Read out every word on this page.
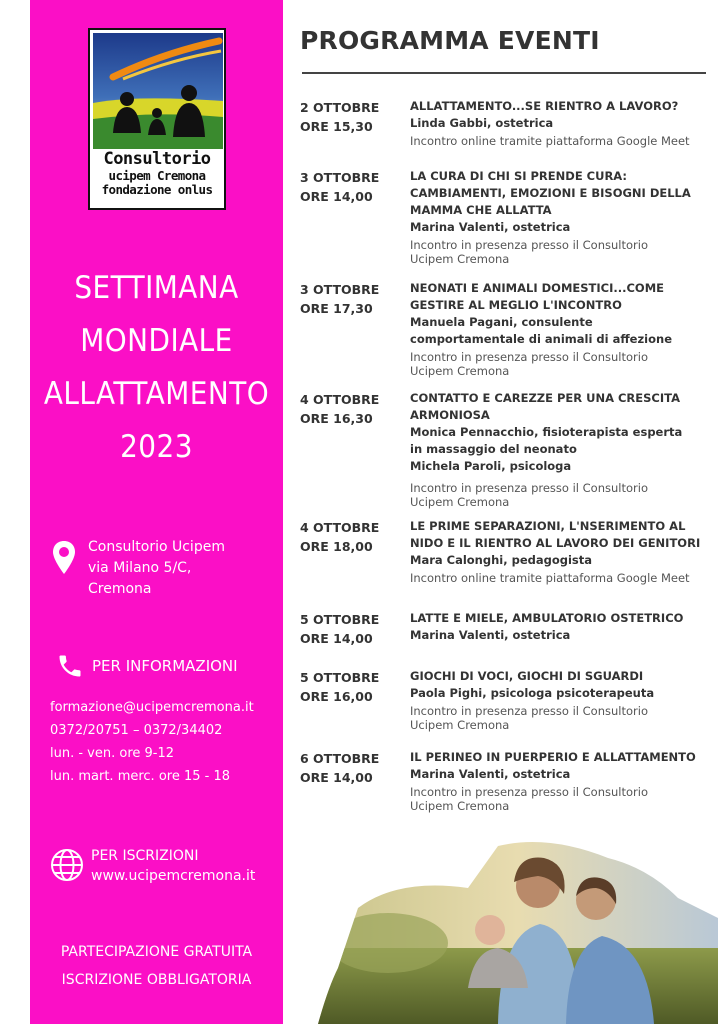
Consultorio
ucipem Cremona
fondazione onlus
SETTIMANA
MONDIALE
ALLATTAMENTO
2023
Consultorio Ucipem
via Milano 5/C,
Cremona
PER INFORMAZIONI
formazione@ucipemcremona.it
0372/20751 – 0372/34402
lun. - ven. ore 9-12
lun. mart. merc. ore 15 - 18
PER ISCRIZIONI
www.ucipemcremona.it
PARTECIPAZIONE GRATUITA
ISCRIZIONE OBBLIGATORIA
PROGRAMMA EVENTI
2 OTTOBRE
ORE 15,30
ALLATTAMENTO...SE RIENTRO A LAVORO?
Linda Gabbi, ostetrica
Incontro online tramite piattaforma Google Meet
3 OTTOBRE
ORE 14,00
LA CURA DI CHI SI PRENDE CURA:
CAMBIAMENTI, EMOZIONI E BISOGNI DELLA
MAMMA CHE ALLATTA
Marina Valenti, ostetrica
Incontro in presenza presso il Consultorio
Ucipem Cremona
3 OTTOBRE
ORE 17,30
NEONATI E ANIMALI DOMESTICI...COME
GESTIRE AL MEGLIO L'INCONTRO
Manuela Pagani, consulente
comportamentale di animali di affezione
Incontro in presenza presso il Consultorio
Ucipem Cremona
4 OTTOBRE
ORE 16,30
CONTATTO E CAREZZE PER UNA CRESCITA
ARMONIOSA
Monica Pennacchio, fisioterapista esperta
in massaggio del neonato
Michela Paroli, psicologa
Incontro in presenza presso il Consultorio
Ucipem Cremona
4 OTTOBRE
ORE 18,00
LE PRIME SEPARAZIONI, L'NSERIMENTO AL
NIDO E IL RIENTRO AL LAVORO DEI GENITORI
Mara Calonghi, pedagogista
Incontro online tramite piattaforma Google Meet
5 OTTOBRE
ORE 14,00
LATTE E MIELE, AMBULATORIO OSTETRICO
Marina Valenti, ostetrica
5 OTTOBRE
ORE 16,00
GIOCHI DI VOCI, GIOCHI DI SGUARDI
Paola Pighi, psicologa psicoterapeuta
Incontro in presenza presso il Consultorio
Ucipem Cremona
6 OTTOBRE
ORE 14,00
IL PERINEO IN PUERPERIO E ALLATTAMENTO
Marina Valenti, ostetrica
Incontro in presenza presso il Consultorio
Ucipem Cremona
